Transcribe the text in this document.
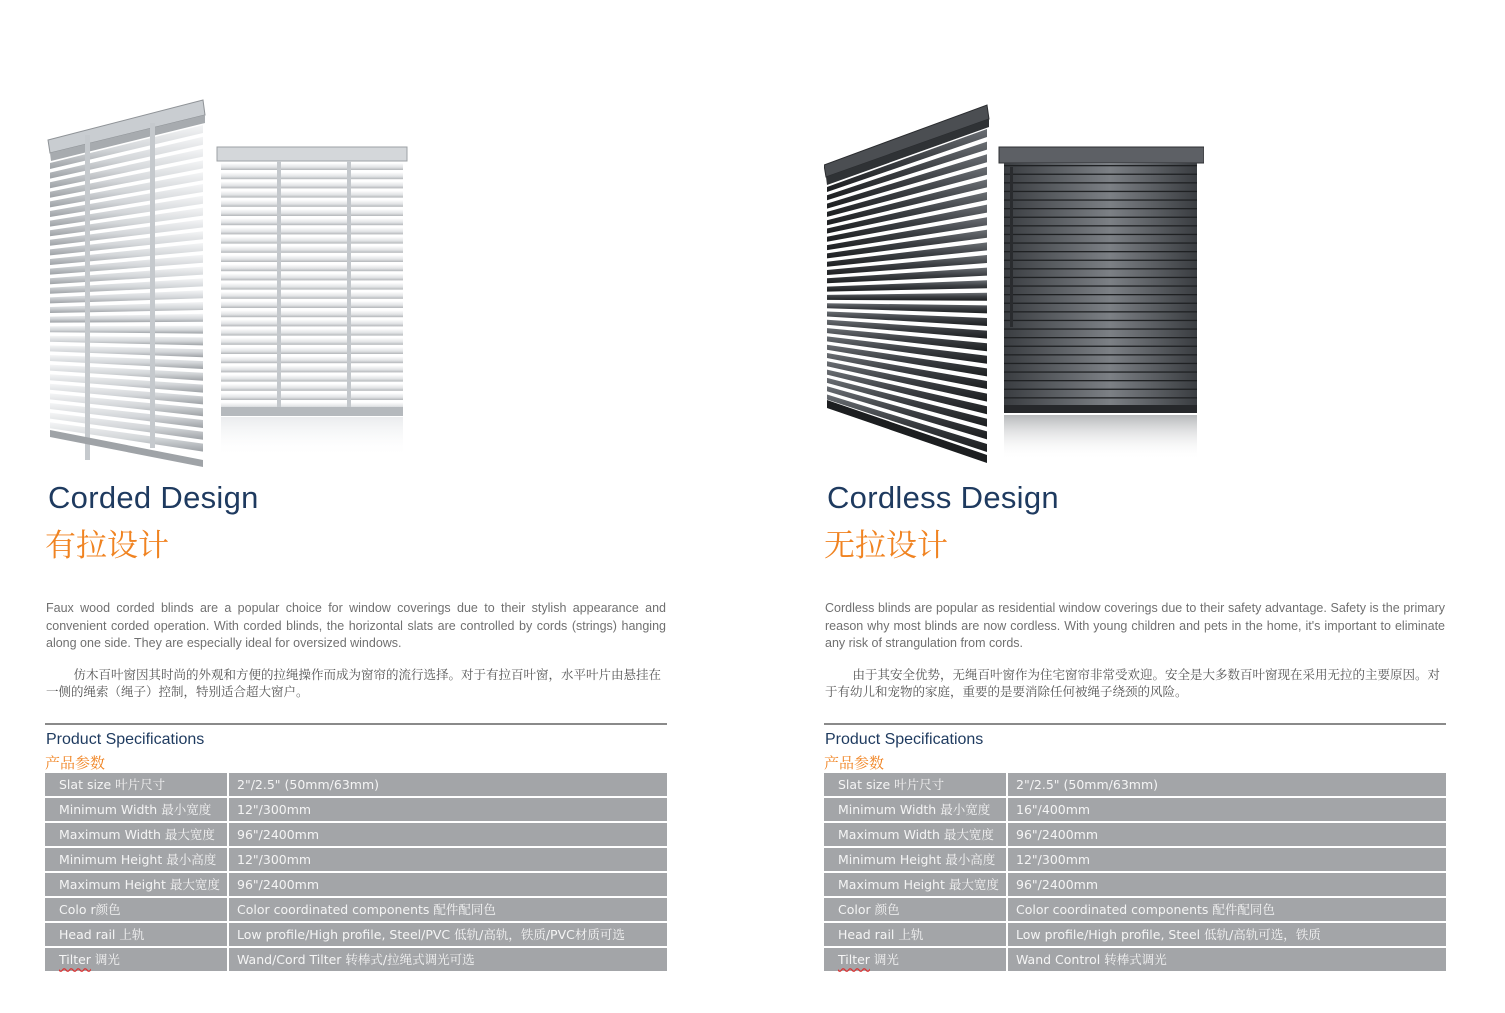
Corded Design
有拉设计

Faux wood corded blinds are a popular choice for window coverings due to their stylish appearance and convenient corded operation. With corded blinds, the horizontal slats are controlled by cords (strings) hanging along one side. They are especially ideal for oversized windows.

仿木百叶窗因其时尚的外观和方便的拉绳操作而成为窗帘的流行选择。对于有拉百叶窗，水平叶片由悬挂在一侧的绳索（绳子）控制，特别适合超大窗户。

Product Specifications
产品参数
Slat size 叶片尺寸	2"/2.5" (50mm/63mm)
Minimum Width 最小宽度	12"/300mm
Maximum Width 最大宽度	96"/2400mm
Minimum Height 最小高度	12"/300mm
Maximum Height 最大宽度	96"/2400mm
Colo r颜色	Color coordinated components 配件配同色
Head rail 上轨	Low profile/High profile, Steel/PVC 低轨/高轨，铁质/PVC材质可选
Tilter 调光	Wand/Cord Tilter 转棒式/拉绳式调光可选
Cordless Design
无拉设计

Cordless blinds are popular as residential window coverings due to their safety advantage. Safety is the primary reason why most blinds are now cordless. With young children and pets in the home, it's important to eliminate any risk of strangulation from cords.

由于其安全优势，无绳百叶窗作为住宅窗帘非常受欢迎。安全是大多数百叶窗现在采用无拉的主要原因。对于有幼儿和宠物的家庭，重要的是要消除任何被绳子绕颈的风险。

Product Specifications
产品参数
Slat size 叶片尺寸	2"/2.5" (50mm/63mm)
Minimum Width 最小宽度	16"/400mm
Maximum Width 最大宽度	96"/2400mm
Minimum Height 最小高度	12"/300mm
Maximum Height 最大宽度	96"/2400mm
Color 颜色	Color coordinated components 配件配同色
Head rail 上轨	Low profile/High profile, Steel 低轨/高轨可选，铁质
Tilter 调光	Wand Control 转棒式调光
